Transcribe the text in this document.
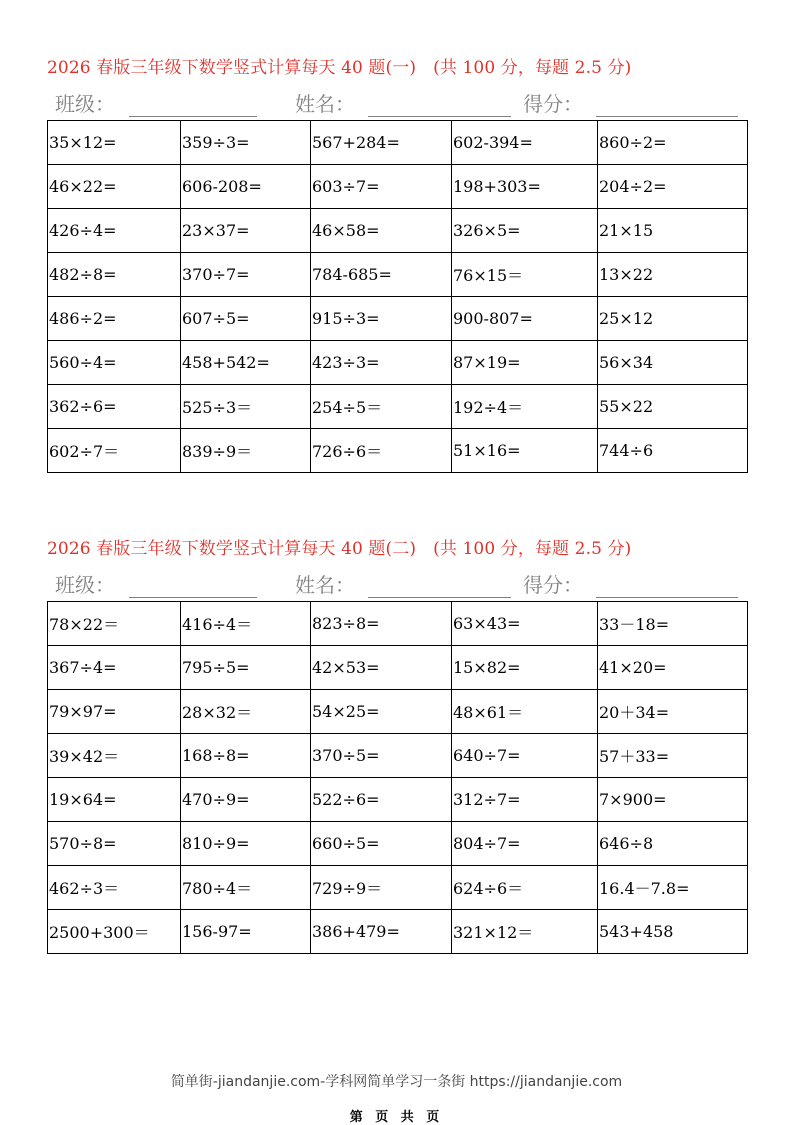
2026 春版三年级下数学竖式计算每天 40 题(一)　(共 100 分，每题 2.5 分)
班级：	姓名：	得分：
35×12=	359÷3=	567+284=	602-394=	860÷2=
46×22=	606-208=	603÷7=	198+303=	204÷2=
426÷4=	23×37=	46×58=	326×5=	21×15
482÷8=	370÷7=	784-685=	76×15＝	13×22
486÷2=	607÷5=	915÷3=	900-807=	25×12
560÷4=	458+542=	423÷3=	87×19=	56×34
362÷6=	525÷3＝	254÷5＝	192÷4＝	55×22
602÷7＝	839÷9＝	726÷6＝	51×16=	744÷6
2026 春版三年级下数学竖式计算每天 40 题(二)　(共 100 分，每题 2.5 分)
班级：	姓名：	得分：
78×22＝	416÷4＝	823÷8=	63×43=	33－18=
367÷4=	795÷5=	42×53=	15×82=	41×20=
79×97=	28×32＝	54×25=	48×61＝	20＋34=
39×42＝	168÷8=	370÷5=	640÷7=	57＋33=
19×64=	470÷9=	522÷6=	312÷7=	7×900=
570÷8=	810÷9=	660÷5=	804÷7=	646÷8
462÷3＝	780÷4＝	729÷9＝	624÷6＝	16.4－7.8=
2500+300＝	156-97=	386+479=	321×12＝	543+458
简单街-jiandanjie.com-学科网简单学习一条街 https://jiandanjie.com
第 页 共 页
